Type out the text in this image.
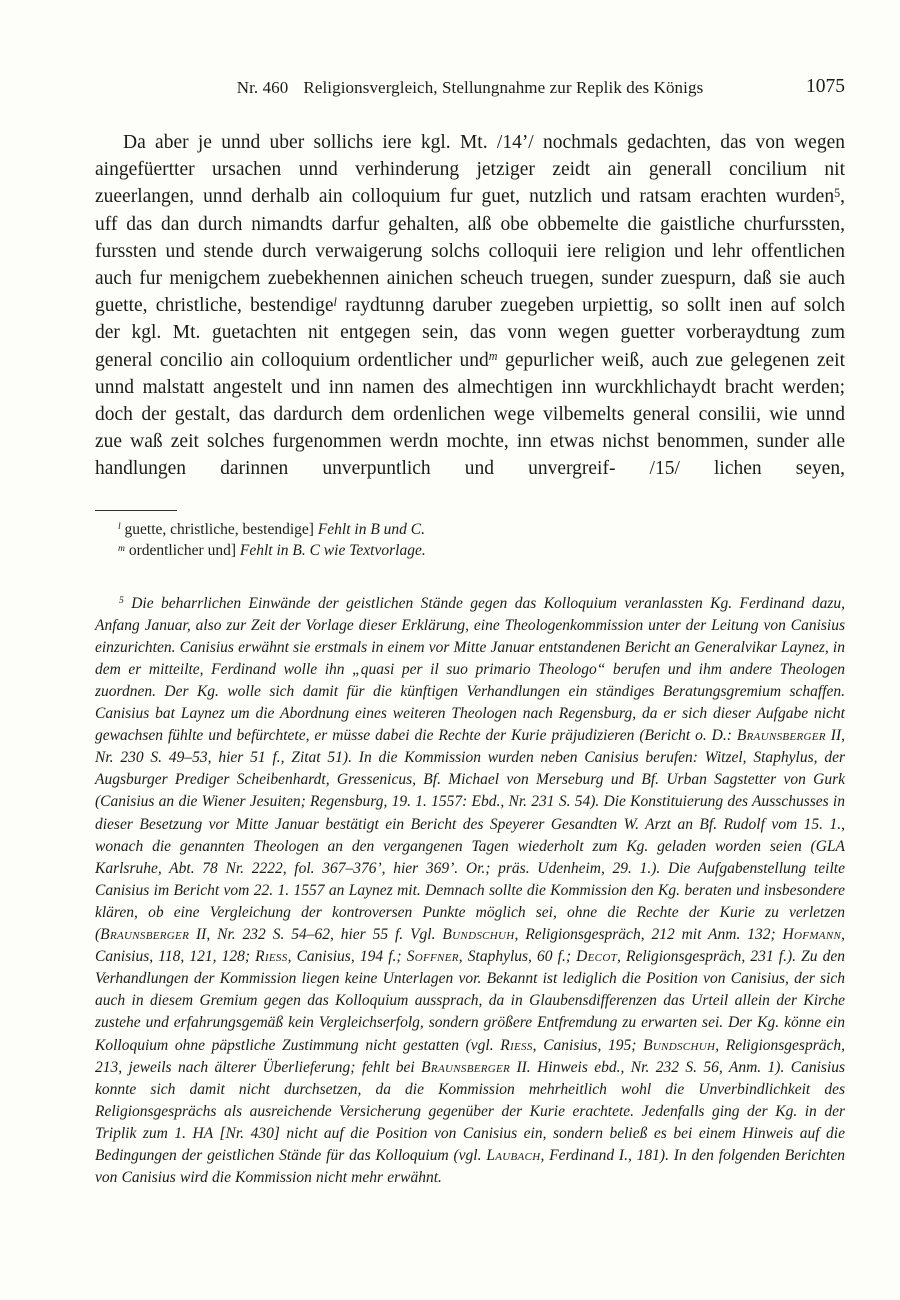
Nr. 460 Religionsvergleich, Stellungnahme zur Replik des Königs	1075

Da aber je unnd uber sollichs iere kgl. Mt. /14’/ nochmals gedachten, das von wegen aingefüertter ursachen unnd verhinderung jetziger zeidt ain generall concilium nit zueerlangen, unnd derhalb ain colloquium fur guet, nutzlich und ratsam erachten wurden$^5$, uff das dan durch nimandts darfur gehalten, alß obe obbemelte die gaistliche churfurssten, furssten und stende durch verwaigerung solchs colloquii iere religion und lehr offentlichen auch fur menigchem zuebekhennen ainichen scheuch truegen, sunder zuespurn, daß sie auch guette, christliche, bestendige$^l$ raydtunng daruber zuegeben urpiettig, so sollt inen auf solch der kgl. Mt. guetachten nit entgegen sein, das vonn wegen guetter vorberaydtung zum general concilio ain colloquium ordentlicher und$^m$ gepurlicher weiß, auch zue gelegenen zeit unnd malstatt angestelt und inn namen des almechtigen inn wurckhlichaydt bracht werden; doch der gestalt, das dardurch dem ordenlichen wege vilbemelts general consilii, wie unnd zue waß zeit solches furgenommen werdn mochte, inn etwas nichst benommen, sunder alle handlungen darinnen unverpuntlich und unvergreif- /15/ lichen seyen,

$^l$ guette, christliche, bestendige] Fehlt in B und C.

$^m$ ordentlicher und] Fehlt in B. C wie Textvorlage.

$^5$ Die beharrlichen Einwände der geistlichen Stände gegen das Kolloquium veranlassten Kg. Ferdinand dazu, Anfang Januar, also zur Zeit der Vorlage dieser Erklärung, eine Theologenkommission unter der Leitung von Canisius einzurichten. Canisius erwähnt sie erstmals in einem vor Mitte Januar entstandenen Bericht an Generalvikar Laynez, in dem er mitteilte, Ferdinand wolle ihn „quasi per il suo primario Theologo“ berufen und ihm andere Theologen zuordnen. Der Kg. wolle sich damit für die künftigen Verhandlungen ein ständiges Beratungsgremium schaffen. Canisius bat Laynez um die Abordnung eines weiteren Theologen nach Regensburg, da er sich dieser Aufgabe nicht gewachsen fühlte und befürchtete, er müsse dabei die Rechte der Kurie präjudizieren (Bericht o. D.: Braunsberger II, Nr. 230 S. 49–53, hier 51 f., Zitat 51). In die Kommission wurden neben Canisius berufen: Witzel, Staphylus, der Augsburger Prediger Scheibenhardt, Gressenicus, Bf. Michael von Merseburg und Bf. Urban Sagstetter von Gurk (Canisius an die Wiener Jesuiten; Regensburg, 19. 1. 1557: Ebd., Nr. 231 S. 54). Die Konstituierung des Ausschusses in dieser Besetzung vor Mitte Januar bestätigt ein Bericht des Speyerer Gesandten W. Arzt an Bf. Rudolf vom 15. 1., wonach die genannten Theologen an den vergangenen Tagen wiederholt zum Kg. geladen worden seien (GLA Karlsruhe, Abt. 78 Nr. 2222, fol. 367–376’, hier 369’. Or.; präs. Udenheim, 29. 1.). Die Aufgabenstellung teilte Canisius im Bericht vom 22. 1. 1557 an Laynez mit. Demnach sollte die Kommission den Kg. beraten und insbesondere klären, ob eine Vergleichung der kontroversen Punkte möglich sei, ohne die Rechte der Kurie zu verletzen (Braunsberger II, Nr. 232 S. 54–62, hier 55 f. Vgl. Bundschuh, Religionsgespräch, 212 mit Anm. 132; Hofmann, Canisius, 118, 121, 128; Riess, Canisius, 194 f.; Soffner, Staphylus, 60 f.; Decot, Religionsgespräch, 231 f.). Zu den Verhandlungen der Kommission liegen keine Unterlagen vor. Bekannt ist lediglich die Position von Canisius, der sich auch in diesem Gremium gegen das Kolloquium aussprach, da in Glaubensdifferenzen das Urteil allein der Kirche zustehe und erfahrungsgemäß kein Vergleichserfolg, sondern größere Entfremdung zu erwarten sei. Der Kg. könne ein Kolloquium ohne päpstliche Zustimmung nicht gestatten (vgl. Riess, Canisius, 195; Bundschuh, Religionsgespräch, 213, jeweils nach älterer Überlieferung; fehlt bei Braunsberger II. Hinweis ebd., Nr. 232 S. 56, Anm. 1). Canisius konnte sich damit nicht durchsetzen, da die Kommission mehrheitlich wohl die Unverbindlichkeit des Religionsgesprächs als ausreichende Versicherung gegenüber der Kurie erachtete. Jedenfalls ging der Kg. in der Triplik zum 1. HA [Nr. 430] nicht auf die Position von Canisius ein, sondern beließ es bei einem Hinweis auf die Bedingungen der geistlichen Stände für das Kolloquium (vgl. Laubach, Ferdinand I., 181). In den folgenden Berichten von Canisius wird die Kommission nicht mehr erwähnt.
